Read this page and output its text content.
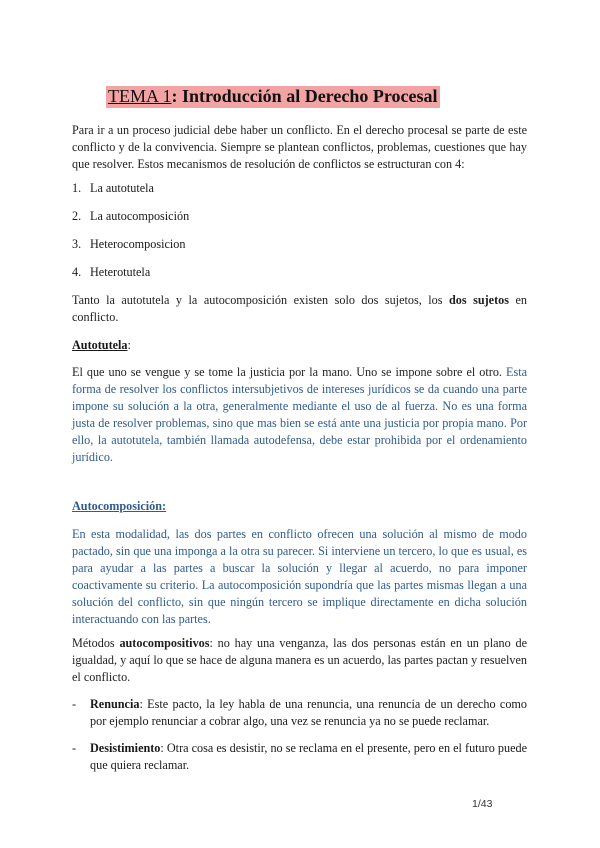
TEMA 1: Introducción al Derecho Procesal

Para ir a un proceso judicial debe haber un conflicto. En el derecho procesal se parte de este conflicto y de la convivencia. Siempre se plantean conflictos, problemas, cuestiones que hay que resolver. Estos mecanismos de resolución de conflictos se estructuran con 4:

1. La autotutela
2. La autocomposición
3. Heterocomposicion
4. Heterotutela

Tanto la autotutela y la autocomposición existen solo dos sujetos, los dos sujetos en conflicto.

Autotutela:

El que uno se vengue y se tome la justicia por la mano. Uno se impone sobre el otro. Esta forma de resolver los conflictos intersubjetivos de intereses jurídicos se da cuando una parte impone su solución a la otra, generalmente mediante el uso de al fuerza. No es una forma justa de resolver problemas, sino que mas bien se está ante una justicia por propia mano. Por ello, la autotutela, también llamada autodefensa, debe estar prohibida por el ordenamiento jurídico.

Autocomposición:

En esta modalidad, las dos partes en conflicto ofrecen una solución al mismo de modo pactado, sin que una imponga a la otra su parecer. Si interviene un tercero, lo que es usual, es para ayudar a las partes a buscar la solución y llegar al acuerdo, no para imponer coactivamente su criterio. La autocomposición supondría que las partes mismas llegan a una solución del conflicto, sin que ningún tercero se implique directamente en dicha solución interactuando con las partes.

Métodos autocompositivos: no hay una venganza, las dos personas están en un plano de igualdad, y aquí lo que se hace de alguna manera es un acuerdo, las partes pactan y resuelven el conflicto.

-	Renuncia: Este pacto, la ley habla de una renuncia, una renuncia de un derecho como por ejemplo renunciar a cobrar algo, una vez se renuncia ya no se puede reclamar.
-	Desistimiento: Otra cosa es desistir, no se reclama en el presente, pero en el futuro puede que quiera reclamar.
1/43
